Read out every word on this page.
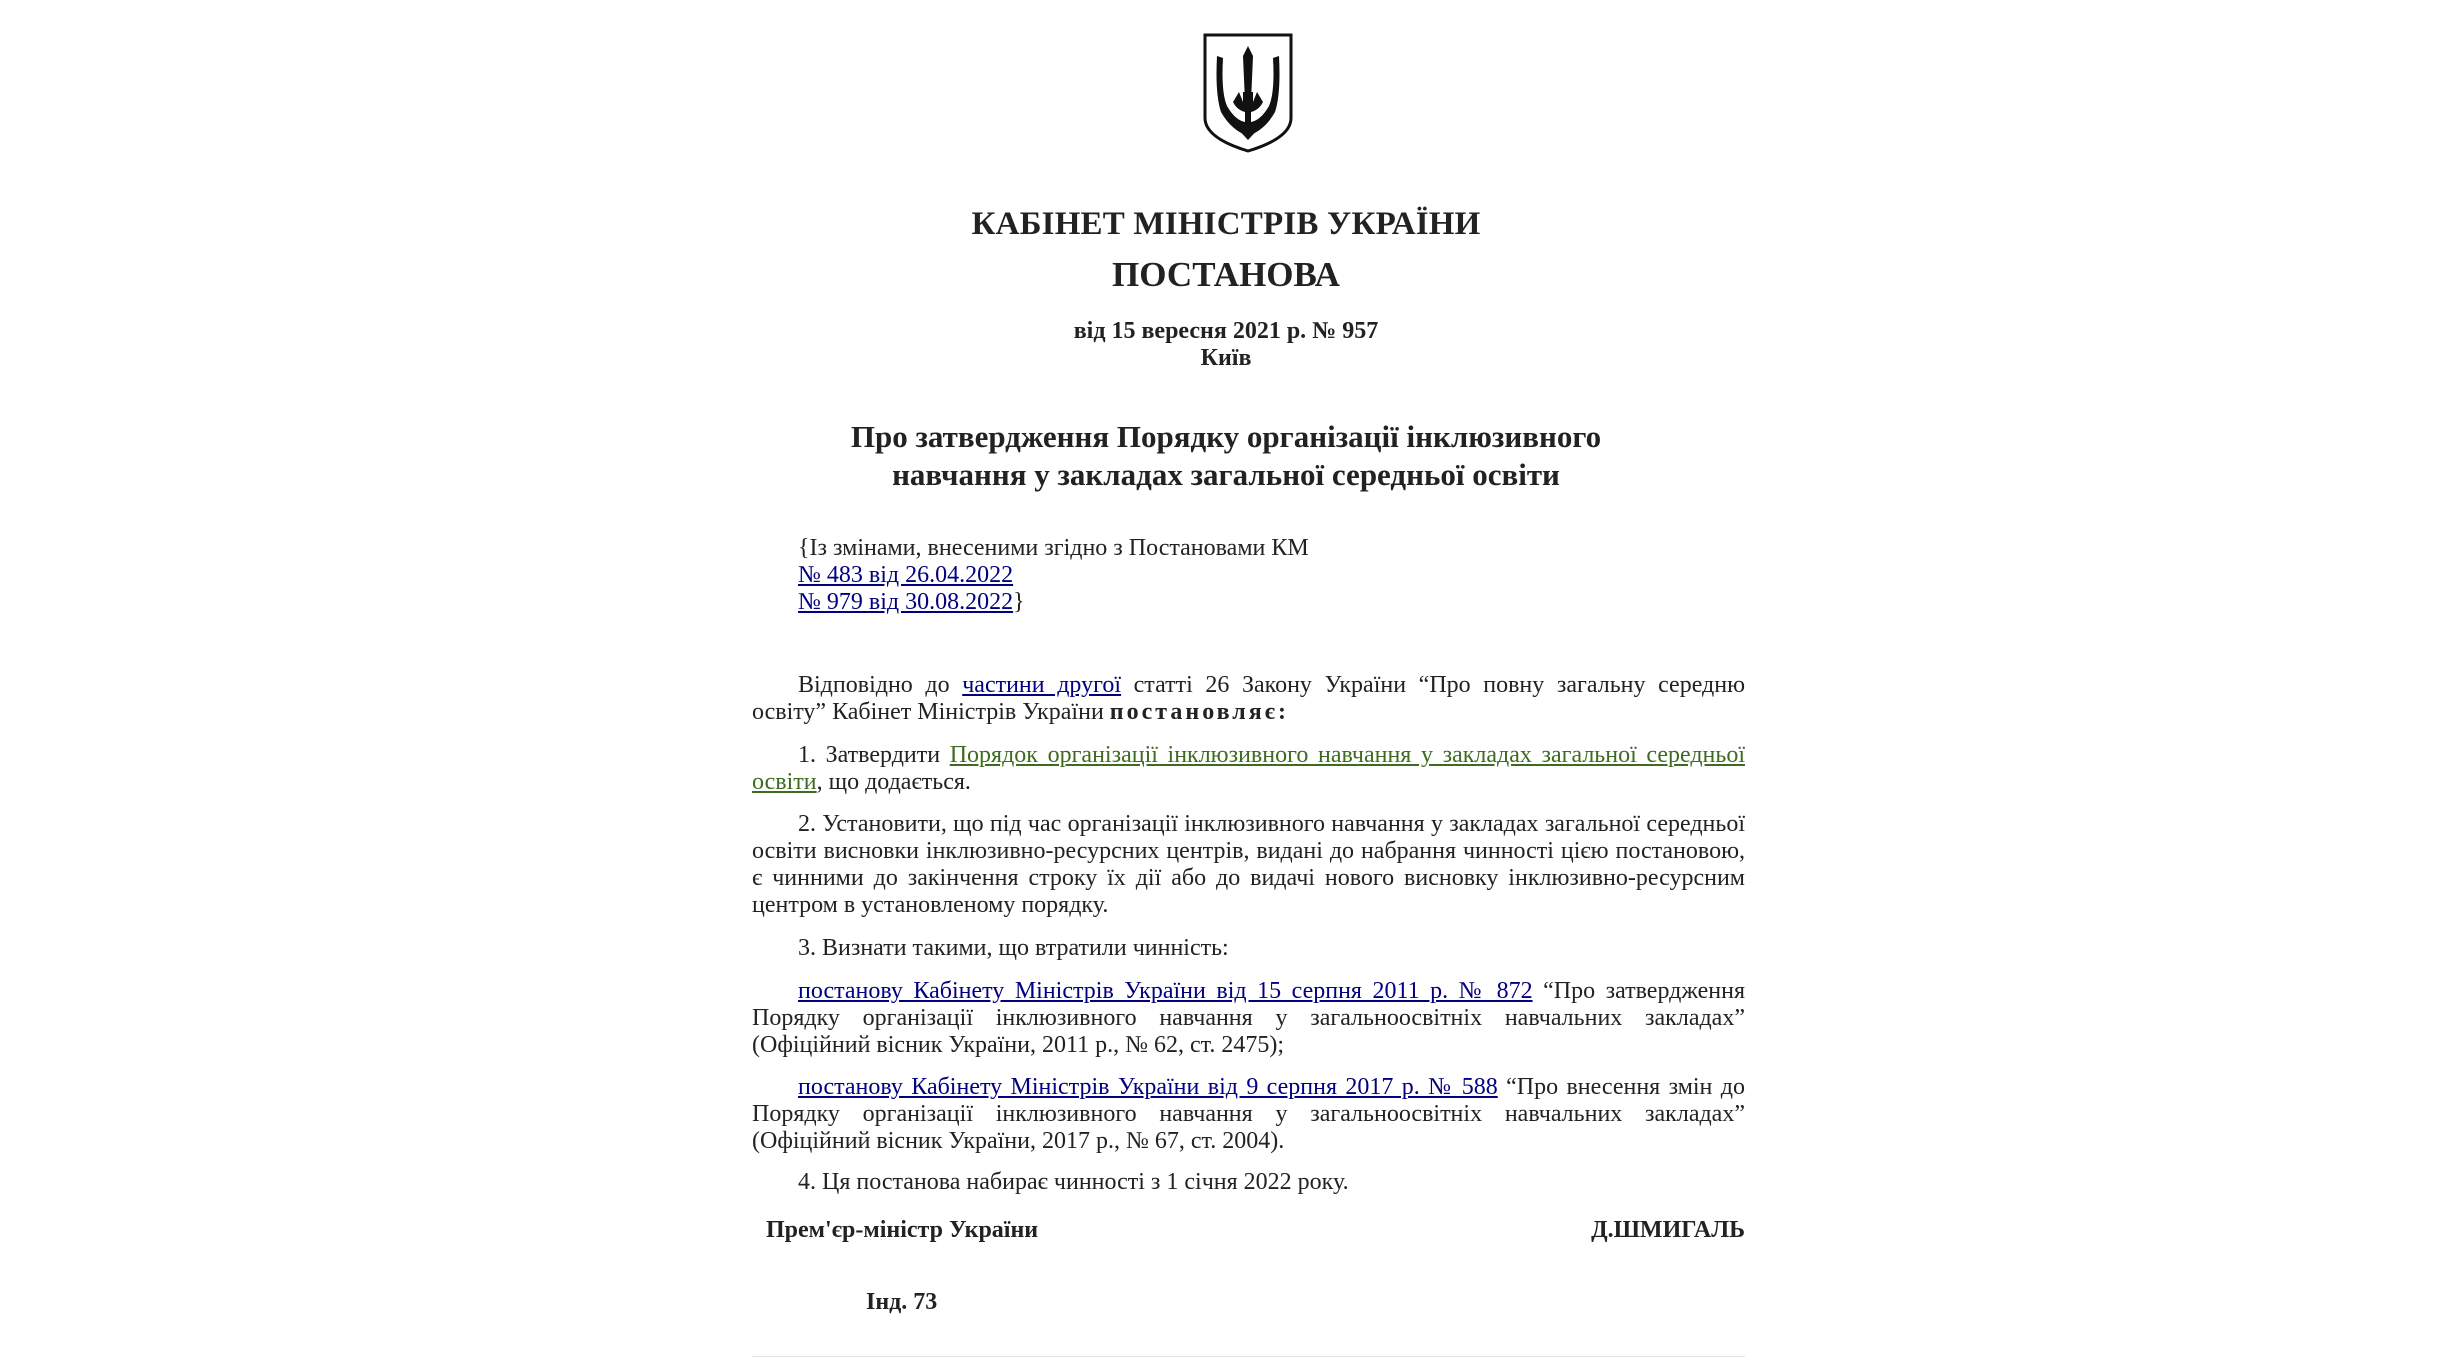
КАБІНЕТ МІНІСТРІВ УКРАЇНИ
ПОСТАНОВА
від 15 вересня 2021 р. № 957
Київ
Про затвердження Порядку організації інклюзивного
навчання у закладах загальної середньої освіти
{Із змінами, внесеними згідно з Постановами КМ
№ 483 від 26.04.2022
№ 979 від 30.08.2022}

Відповідно до частини другої статті 26 Закону України “Про повну загальну середню освіту” Кабінет Міністрів України постановляє:

1. Затвердити Порядок організації інклюзивного навчання у закладах загальної середньої освіти, що додається.

2. Установити, що під час організації інклюзивного навчання у закладах загальної середньої освіти висновки інклюзивно-ресурсних центрів, видані до набрання чинності цією постановою, є чинними до закінчення строку їх дії або до видачі нового висновку інклюзивно-ресурсним центром в установленому порядку.

3. Визнати такими, що втратили чинність:

постанову Кабінету Міністрів України від 15 серпня 2011 р. № 872 “Про затвердження Порядку організації інклюзивного навчання у загальноосвітніх навчальних закладах” (Офіційний вісник України, 2011 р., № 62, ст. 2475);

постанову Кабінету Міністрів України від 9 серпня 2017 р. № 588 “Про внесення змін до Порядку організації інклюзивного навчання у загальноосвітніх навчальних закладах” (Офіційний вісник України, 2017 р., № 67, ст. 2004).

4. Ця постанова набирає чинності з 1 січня 2022 року.

Прем'єр-міністр України	Д.ШМИГАЛЬ
Інд. 73
